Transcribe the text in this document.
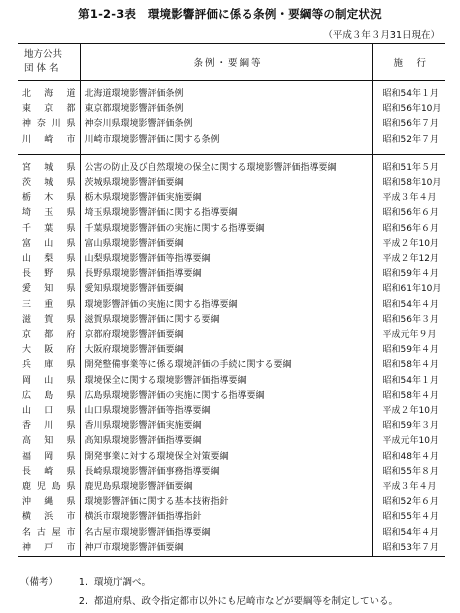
第1-2-3表　環境影響評価に係る条例・要綱等の制定状況
（平成３年３月31日現在）
地方公共
団 体 名	条例・要綱等	施　行

北海道	北海道環境影響評価条例	昭和54年１月
東京都	東京都環境影響評価条例	昭和56年10月
神奈川県	神奈川県環境影響評価条例	昭和56年７月
川崎市	川崎市環境影響評価に関する条例	昭和52年７月

宮城県	公害の防止及び自然環境の保全に関する環境影響評価指導要綱	昭和51年５月
茨城県	茨城県環境影響評価要綱	昭和58年10月
栃木県	栃木県環境影響評価実施要綱	平成３年４月
埼玉県	埼玉県環境影響評価に関する指導要綱	昭和56年６月
千葉県	千葉県環境影響評価の実施に関する指導要綱	昭和56年６月
富山県	富山県環境影響評価要綱	平成２年10月
山梨県	山梨県環境影響評価等指導要綱	平成２年12月
長野県	長野県環境影響評価指導要綱	昭和59年４月
愛知県	愛知県環境影響評価要綱	昭和61年10月
三重県	環境影響評価の実施に関する指導要綱	昭和54年４月
滋賀県	滋賀県環境影響評価に関する要綱	昭和56年３月
京都府	京都府環境影響評価要綱	平成元年９月
大阪府	大阪府環境影響評価要綱	昭和59年４月
兵庫県	開発整備事業等に係る環境評価の手続に関する要綱	昭和58年４月
岡山県	環境保全に関する環境影響評価指導要綱	昭和54年１月
広島県	広島県環境影響評価の実施に関する指導要綱	昭和58年４月
山口県	山口県環境影響評価等指導要綱	平成２年10月
香川県	香川県環境影響評価実施要綱	昭和59年３月
高知県	高知県環境影響評価指導要綱	平成元年10月
福岡県	開発事業に対する環境保全対策要綱	昭和48年４月
長崎県	長崎県環境影響評価事務指導要綱	昭和55年８月
鹿児島県	鹿児島県環境影響評価要綱	平成３年４月
沖縄県	環境影響評価に関する基本技術指針	昭和52年６月
横浜市	横浜市環境影響評価指導指針	昭和55年４月
名古屋市	名古屋市環境影響評価指導要綱	昭和54年４月
神戸市	神戸市環境影響評価要綱	昭和53年７月
（備考） 1. 環境庁調べ。
2. 都道府県、政令指定都市以外にも尼崎市などが要綱等を制定している。
